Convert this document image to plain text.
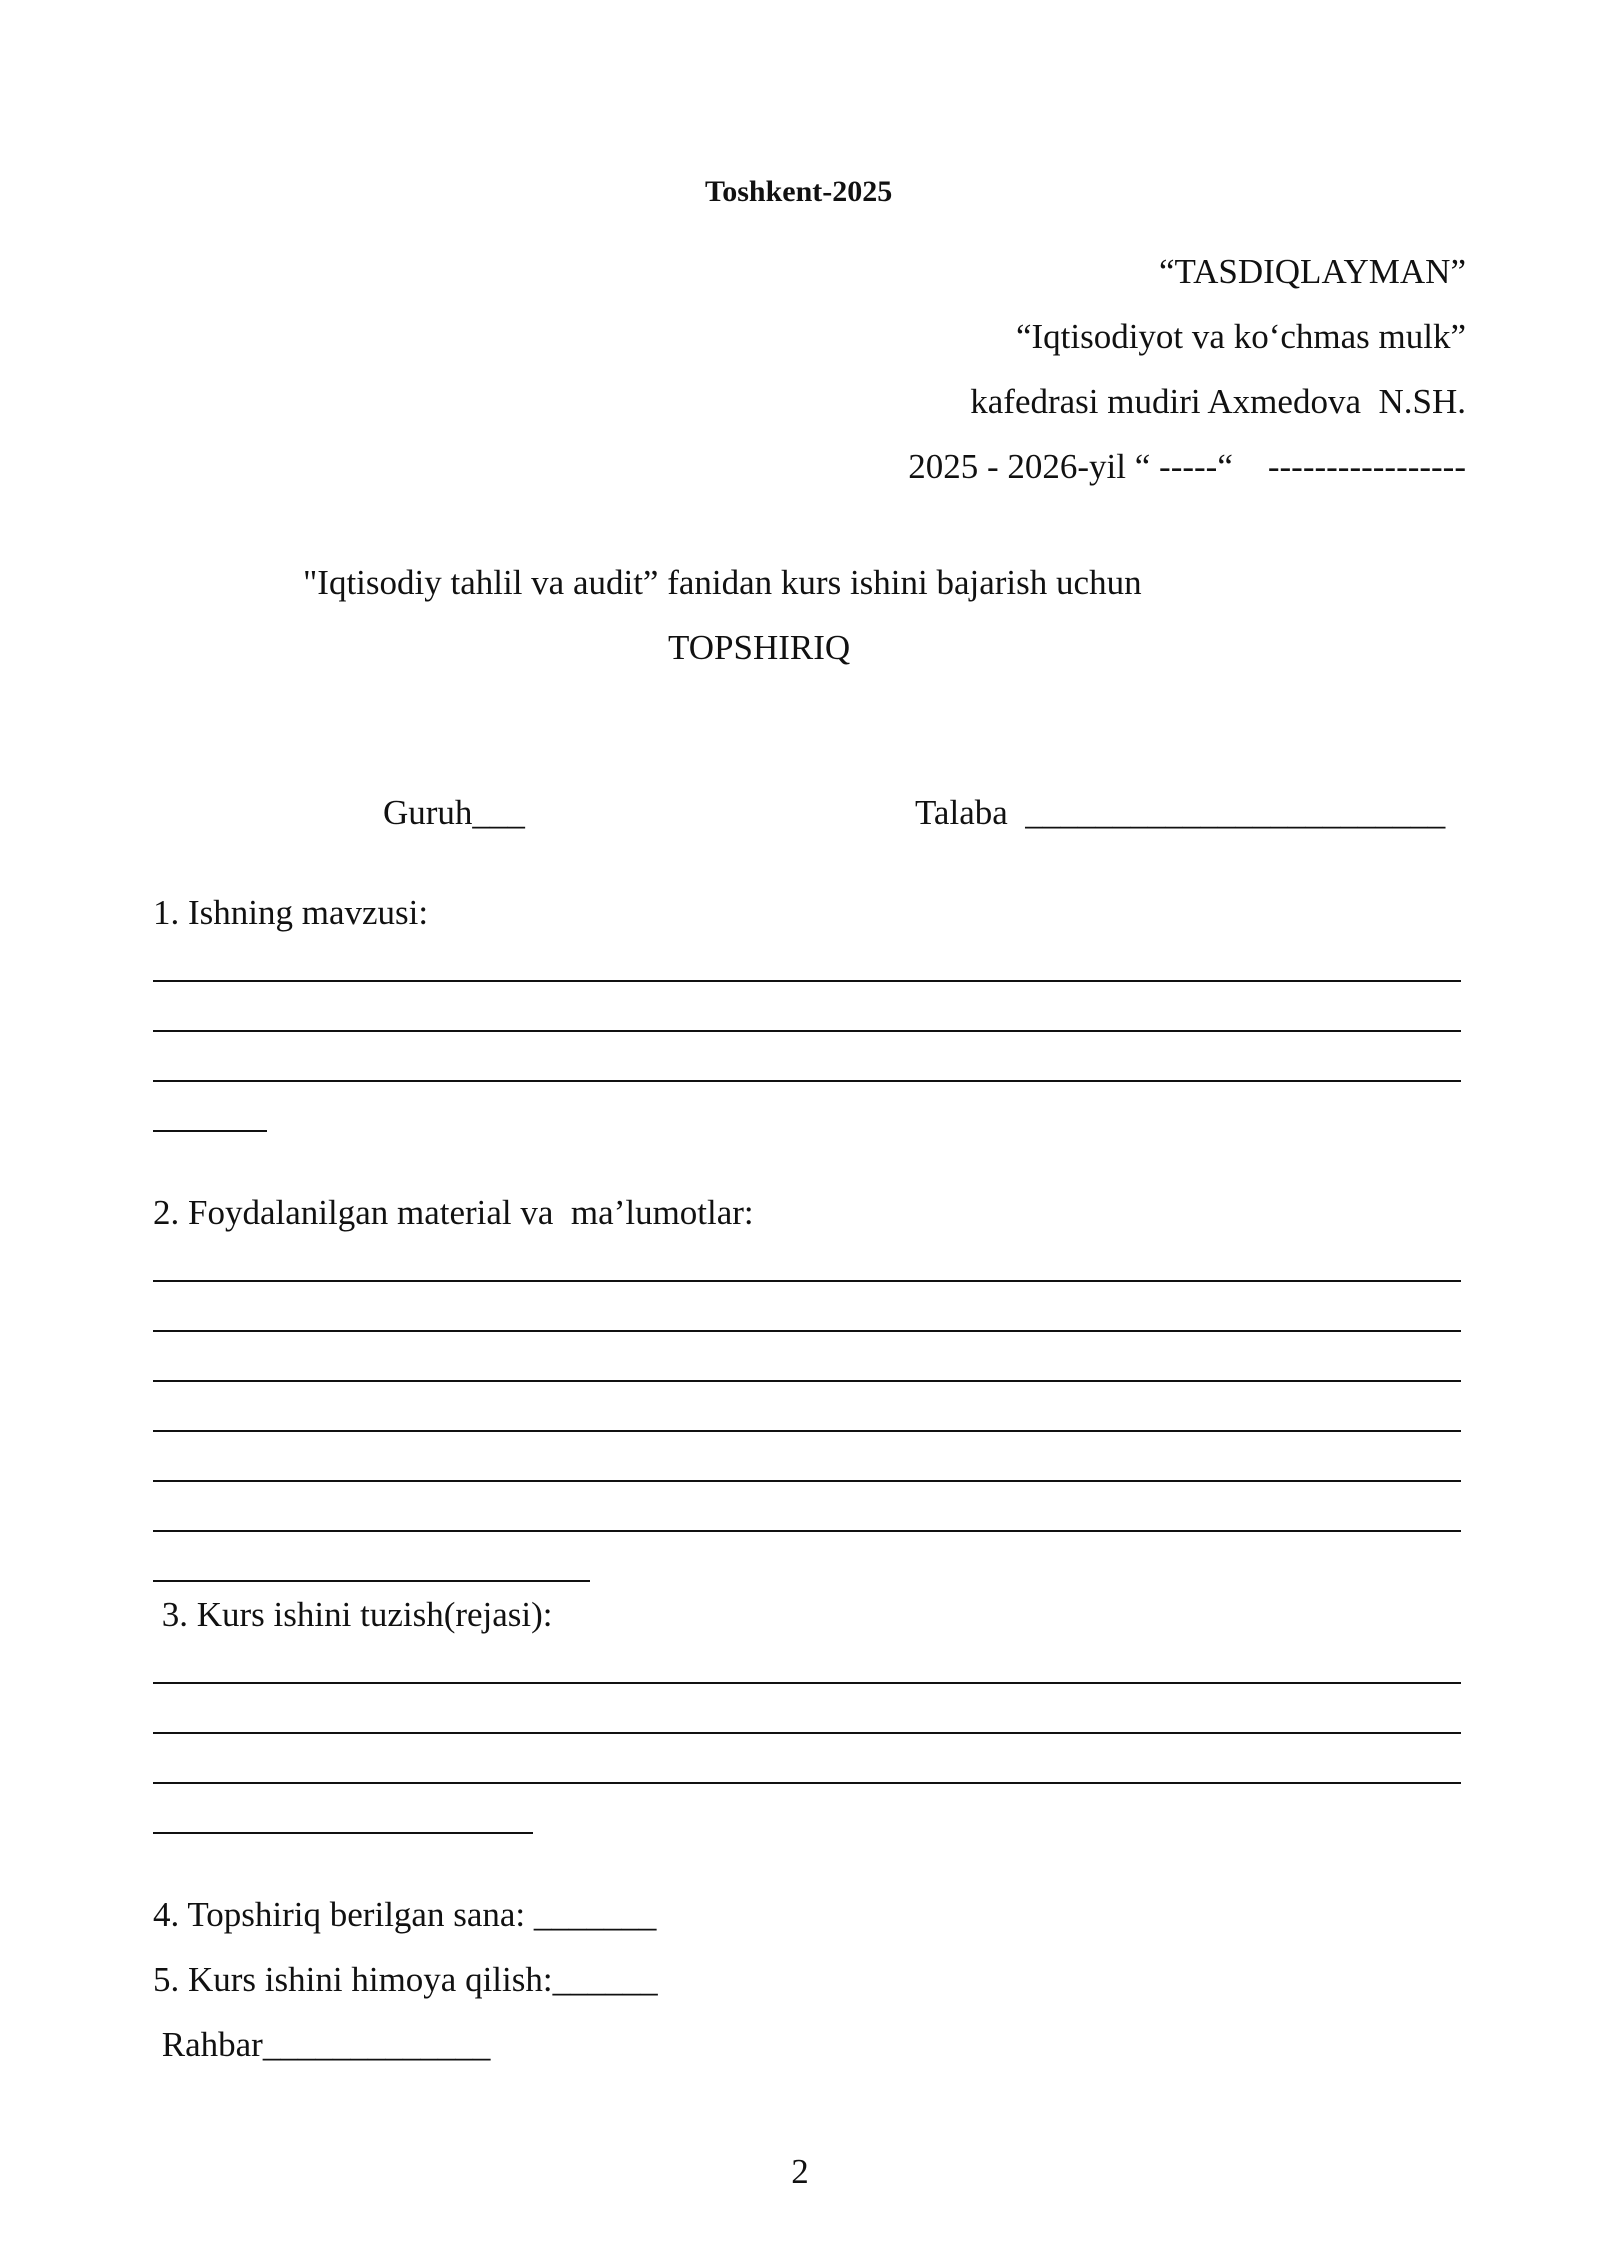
Toshkent-2025
“TASDIQLAYMAN”
“Iqtisodiyot va ko‘chmas mulk”
kafedrasi mudiri Axmedova  N.SH.
2025 - 2026-yil “ -----“    -----------------
"Iqtisodiy tahlil va audit” fanidan kurs ishini bajarish uchun
TOPSHIRIQ
Guruh___	Talaba  ________________________
1. Ishning mavzusi:
2. Foydalanilgan material va  ma’lumotlar:
3. Kurs ishini tuzish(rejasi):
4. Topshiriq berilgan sana: _______
5. Kurs ishini himoya qilish:______
Rahbar_____________
2
